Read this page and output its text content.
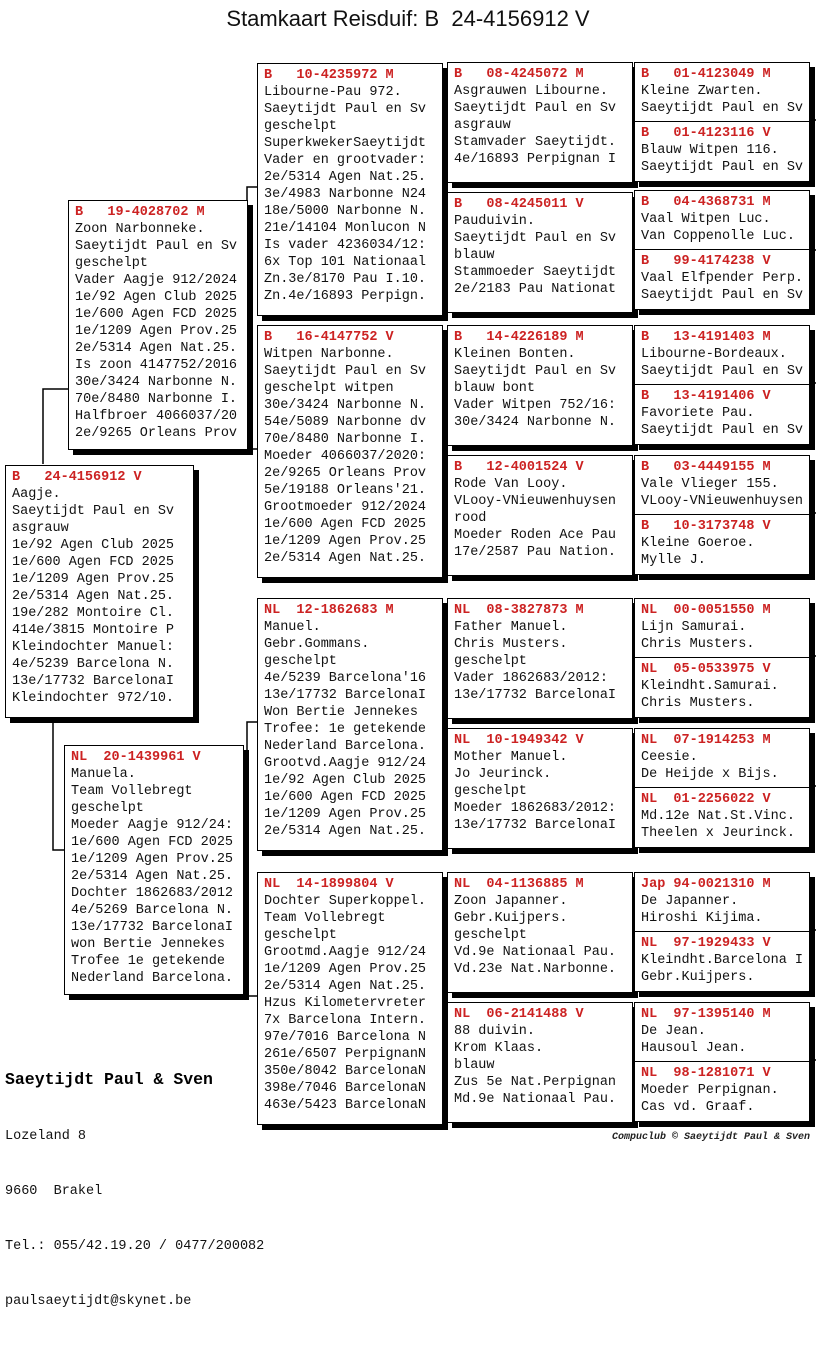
Stamkaart Reisduif: B  24-4156912 V
B   24-4156912 V
Aagje.
Saeytijdt Paul en Sv
asgrauw
1e/92 Agen Club 2025
1e/600 Agen FCD 2025
1e/1209 Agen Prov.25
2e/5314 Agen Nat.25.
19e/282 Montoire Cl.
414e/3815 Montoire P
Kleindochter Manuel:
4e/5239 Barcelona N.
13e/17732 BarcelonaI
Kleindochter 972/10.
B   19-4028702 M
Zoon Narbonneke.
Saeytijdt Paul en Sv
geschelpt
Vader Aagje 912/2024
1e/92 Agen Club 2025
1e/600 Agen FCD 2025
1e/1209 Agen Prov.25
2e/5314 Agen Nat.25.
Is zoon 4147752/2016
30e/3424 Narbonne N.
70e/8480 Narbonne I.
Halfbroer 4066037/20
2e/9265 Orleans Prov
NL  20-1439961 V
Manuela.
Team Vollebregt
geschelpt
Moeder Aagje 912/24:
1e/600 Agen FCD 2025
1e/1209 Agen Prov.25
2e/5314 Agen Nat.25.
Dochter 1862683/2012
4e/5269 Barcelona N.
13e/17732 BarcelonaI
won Bertie Jennekes
Trofee 1e getekende
Nederland Barcelona.
B   10-4235972 M
Libourne-Pau 972.
Saeytijdt Paul en Sv
geschelpt
SuperkwekerSaeytijdt
Vader en grootvader:
2e/5314 Agen Nat.25.
3e/4983 Narbonne N24
18e/5000 Narbonne N.
21e/14104 Monlucon N
Is vader 4236034/12:
6x Top 101 Nationaal
Zn.3e/8170 Pau I.10.
Zn.4e/16893 Perpign.
B   16-4147752 V
Witpen Narbonne.
Saeytijdt Paul en Sv
geschelpt witpen
30e/3424 Narbonne N.
54e/5089 Narbonne dv
70e/8480 Narbonne I.
Moeder 4066037/2020:
2e/9265 Orleans Prov
5e/19188 Orleans'21.
Grootmoeder 912/2024
1e/600 Agen FCD 2025
1e/1209 Agen Prov.25
2e/5314 Agen Nat.25.
NL  12-1862683 M
Manuel.
Gebr.Gommans.
geschelpt
4e/5239 Barcelona'16
13e/17732 BarcelonaI
Won Bertie Jennekes
Trofee: 1e getekende
Nederland Barcelona.
Grootvd.Aagje 912/24
1e/92 Agen Club 2025
1e/600 Agen FCD 2025
1e/1209 Agen Prov.25
2e/5314 Agen Nat.25.
NL  14-1899804 V
Dochter Superkoppel.
Team Vollebregt
geschelpt
Grootmd.Aagje 912/24
1e/1209 Agen Prov.25
2e/5314 Agen Nat.25.
Hzus Kilometervreter
7x Barcelona Intern.
97e/7016 Barcelona N
261e/6507 PerpignanN
350e/8042 BarcelonaN
398e/7046 BarcelonaN
463e/5423 BarcelonaN
B   08-4245072 M
Asgrauwen Libourne.
Saeytijdt Paul en Sv
asgrauw
Stamvader Saeytijdt.
4e/16893 Perpignan I
B   08-4245011 V
Pauduivin.
Saeytijdt Paul en Sv
blauw
Stammoeder Saeytijdt
2e/2183 Pau Nationat
B   14-4226189 M
Kleinen Bonten.
Saeytijdt Paul en Sv
blauw bont
Vader Witpen 752/16:
30e/3424 Narbonne N.
B   12-4001524 V
Rode Van Looy.
VLooy-VNieuwenhuysen
rood
Moeder Roden Ace Pau
17e/2587 Pau Nation.
NL  08-3827873 M
Father Manuel.
Chris Musters.
geschelpt
Vader 1862683/2012:
13e/17732 BarcelonaI
NL  10-1949342 V
Mother Manuel.
Jo Jeurinck.
geschelpt
Moeder 1862683/2012:
13e/17732 BarcelonaI
NL  04-1136885 M
Zoon Japanner.
Gebr.Kuijpers.
geschelpt
Vd.9e Nationaal Pau.
Vd.23e Nat.Narbonne.
NL  06-2141488 V
88 duivin.
Krom Klaas.
blauw
Zus 5e Nat.Perpignan
Md.9e Nationaal Pau.
B   01-4123049 M
Kleine Zwarten.
Saeytijdt Paul en Sv
B   01-4123116 V
Blauw Witpen 116.
Saeytijdt Paul en Sv
B   04-4368731 M
Vaal Witpen Luc.
Van Coppenolle Luc.
B   99-4174238 V
Vaal Elfpender Perp.
Saeytijdt Paul en Sv
B   13-4191403 M
Libourne-Bordeaux.
Saeytijdt Paul en Sv
B   13-4191406 V
Favoriete Pau.
Saeytijdt Paul en Sv
B   03-4449155 M
Vale Vlieger 155.
VLooy-VNieuwenhuysen
B   10-3173748 V
Kleine Goeroe.
Mylle J.
NL  00-0051550 M
Lijn Samurai.
Chris Musters.
NL  05-0533975 V
Kleindht.Samurai.
Chris Musters.
NL  07-1914253 M
Ceesie.
De Heijde x Bijs.
NL  01-2256022 V
Md.12e Nat.St.Vinc.
Theelen x Jeurinck.
Jap 94-0021310 M
De Japanner.
Hiroshi Kijima.
NL  97-1929433 V
Kleindht.Barcelona I
Gebr.Kuijpers.
NL  97-1395140 M
De Jean.
Hausoul Jean.
NL  98-1281071 V
Moeder Perpignan.
Cas vd. Graaf.

Saeytijdt Paul & Sven

Lozeland 8

9660  Brakel

Tel.: 055/42.19.20 / 0477/200082

paulsaeytijdt@skynet.be

Compuclub © Saeytijdt Paul & Sven
